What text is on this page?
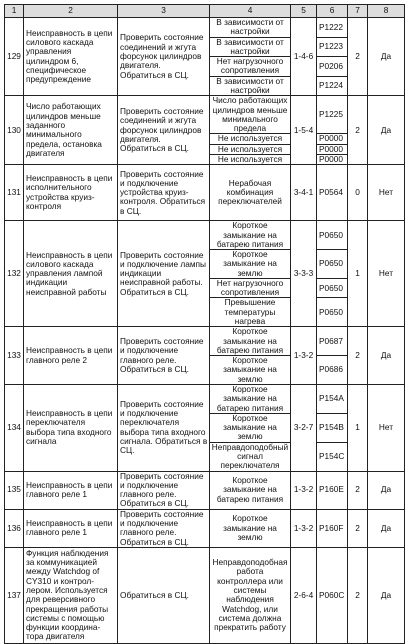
1	2	3	4	5	6	7	8
129	Неисправность в цепи силового каскада управления цилиндром 6, специфическое предупреждение	Проверить состояние соединений и жгута форсунок цилиндров двигателя. Обратиться в СЦ.	В зависимости от настройки	1-4-6	P1222	2	Да
			В зависимости от настройки		P1223		
			Нет нагрузочного сопротивления		P0206		
			В зависимости от настройки		P1224		
130	Число работающих цилиндров меньше заданного минимального предела, остановка двигателя	Проверить состояние соединений и жгута форсунок цилиндров двигателя. Обратиться в СЦ.	Число работающих цилиндров меньше минимального предела	1-5-4	P1225	2	Да
			Не используется		P0000		
			Не используется		P0000		
			Не используется		P0000		
131	Неисправность в цепи исполнительного устройства круиз-контроля	Проверить состояние и подключение устройства круиз-контроля. Обратиться в СЦ.	Нерабочая комбинация переключателей	3-4-1	P0564	0	Нет
132	Неисправность в цепи силового каскада управления лампой индикации неисправной работы	Проверить состояние и подключение лампы индикации неисправной работы. Обратиться в СЦ.	Короткое замыкание на батарею питания	3-3-3	P0650	1	Нет
			Короткое замыкание на землю		P0650		
			Нет нагрузочного сопротивления		P0650		
			Превышение температуры нагрева		P0650		
133	Неисправность в цепи главного реле 2	Проверить состояние и подключение главного реле. Обратиться в СЦ.	Короткое замыкание на батарею питания	1-3-2	P0687	2	Да
			Короткое замыкание на землю		P0686		
134	Неисправность в цепи переключателя выбора типа входного сигнала	Проверить состояние и подключение переключателя выбора типа входного сигнала. Обратиться в СЦ.	Короткое замыкание на батарею питания	3-2-7	P154A	1	Нет
			Короткое замыкание на землю		P154B		
			Неправдоподобный сигнал переключателя		P154C		
135	Неисправность в цепи главного реле 1	Проверить состояние и подключение главного реле. Обратиться в СЦ.	Короткое замыкание на батарею питания	1-3-2	P160E	2	Да
136	Неисправность в цепи главного реле 1	Проверить состояние и подключение главного реле. Обратиться в СЦ.	Короткое замыкание на землю	1-3-2	P160F	2	Да
137	Функция наблюдения за коммуникацией между Watchdog of CY310 и контрол-лером. Используется для реверсивного прекращения работы системы с помощью функции координа-тора двигателя	Обратиться в СЦ.	Неправдоподобная работа контроллера или системы наблюдения Watchdog, или система должна прекратить работу	2-6-4	P060C	2	Да
